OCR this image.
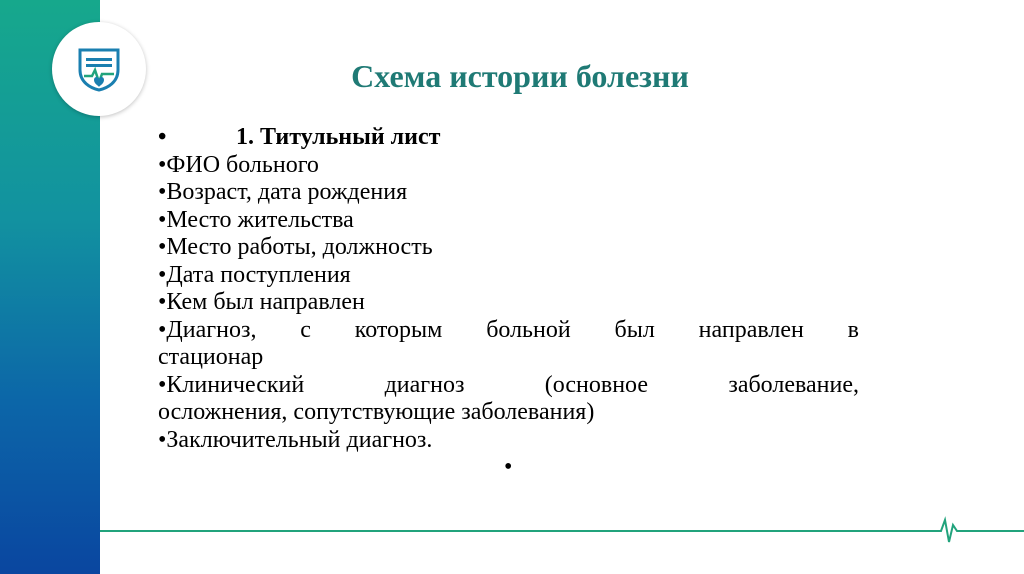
Схема истории болезни
•	1. Титульный лист
•ФИО больного
•Возраст, дата рождения
•Место жительства
•Место работы, должность
•Дата поступления
•Кем был направлен
•Диагноз, с которым больной был направлен в
стационар
•Клинический диагноз (основное заболевание,
осложнения, сопутствующие заболевания)
•Заключительный диагноз.
•
